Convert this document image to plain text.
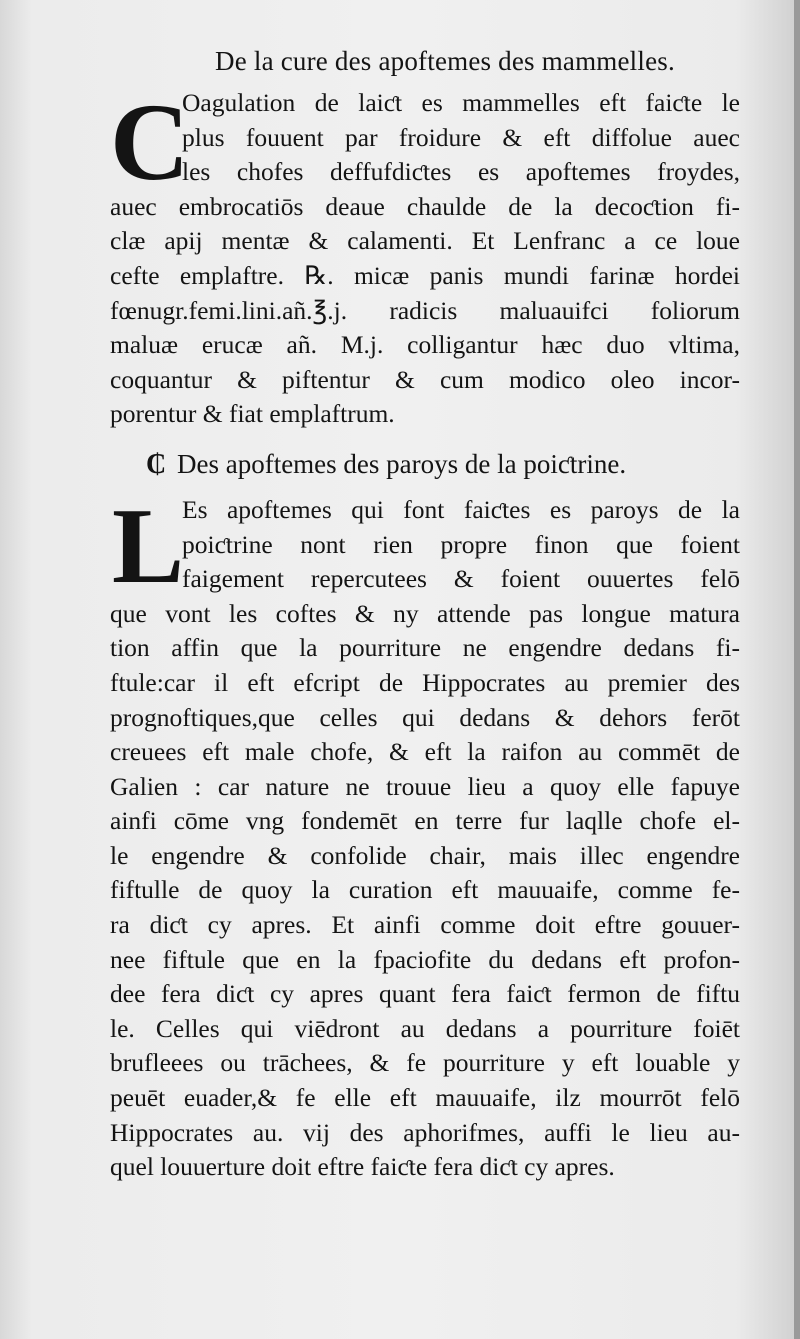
De la cure des apoftemes des mammelles.
C
Oagulation de laiƈt es mammelles eft faiƈte le
plus fouuent par froidure & eft diffolue auec
les chofes deffufdiƈtes es apoftemes froydes,
auec embrocatiōs deaue chaulde de la decoƈtion fi-
clæ apij mentæ & calamenti. Et Lenfranc a ce loue
cefte emplaftre. ℞. micæ panis mundi farinæ hordei
fœnugr.femi.lini.añ.℥.j. radicis maluauifci foliorum
maluæ erucæ añ. M.j. colligantur hæc duo vltima,
coquantur & piftentur & cum modico oleo incor-
porentur & fiat emplaftrum.
₵ Des apoftemes des paroys de la poiƈtrine.
L
Es apoftemes qui font faiƈtes es paroys de la
poiƈtrine nont rien propre finon que foient
faigement repercutees & foient ouuertes felō
que vont les coftes & ny attende pas longue matura
tion affin que la pourriture ne engendre dedans fi-
ftule:car il eft efcript de Hippocrates au premier des
prognoftiques,que celles qui dedans & dehors ferōt
creuees eft male chofe, & eft la raifon au commēt de
Galien : car nature ne trouue lieu a quoy elle fapuye
ainfi cōme vng fondemēt en terre fur laqlle chofe el-
le engendre & confolide chair, mais illec engendre
fiftulle de quoy la curation eft mauuaife, comme fe-
ra diƈt cy apres. Et ainfi comme doit eftre gouuer-
nee fiftule que en la fpaciofite du dedans eft profon-
dee fera diƈt cy apres quant fera faiƈt fermon de fiftu
le. Celles qui viēdront au dedans a pourriture foiēt
brufleees ou trāchees, & fe pourriture y eft louable y
peuēt euader,& fe elle eft mauuaife, ilz mourrōt felō
Hippocrates au. vij des aphorifmes, auffi le lieu au-
quel louuerture doit eftre faiƈte fera diƈt cy apres.
